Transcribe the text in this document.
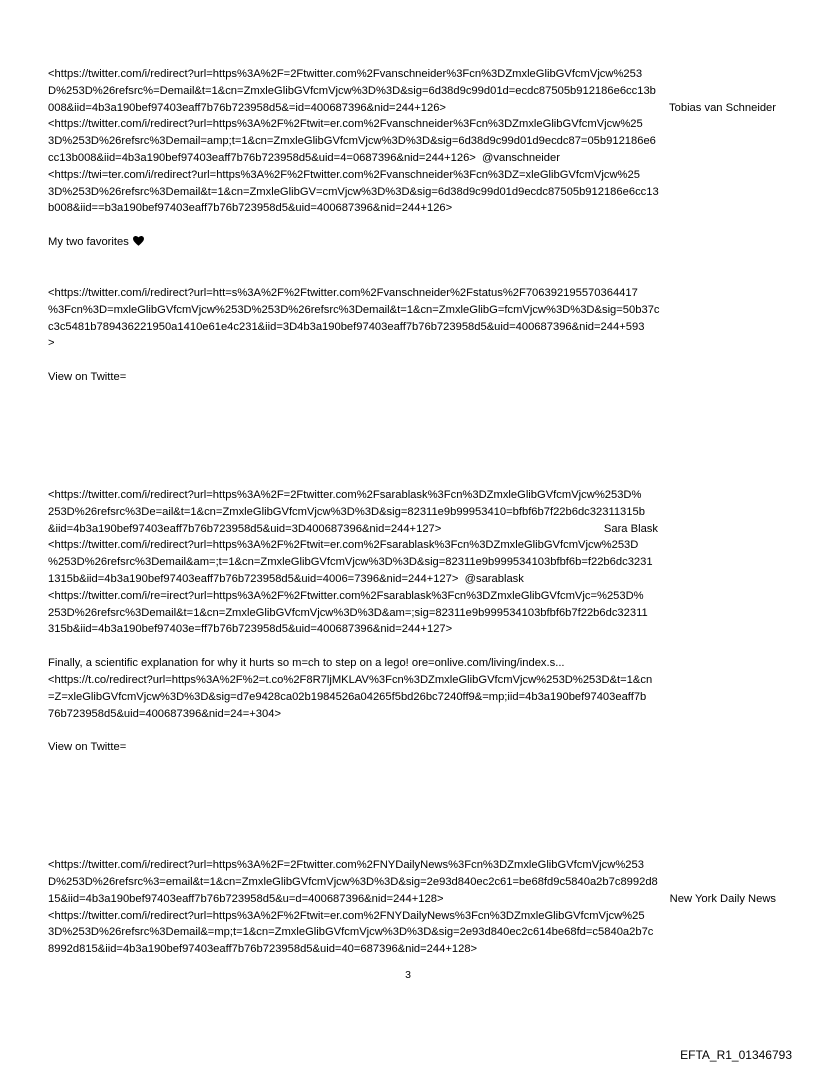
<https://twitter.com/i/redirect?url=https%3A%2F=2Ftwitter.com%2Fvanschneider%3Fcn%3DZmxleGlibGVfcmVjcw%253
D%253D%26refsrc%=Demail&t=1&cn=ZmxleGlibGVfcmVjcw%3D%3D&sig=6d38d9c99d01d=ecdc87505b912186e6cc13b
008&iid=4b3a190bef97403eaff7b76b723958d5&=id=400687396&nid=244+126>	Tobias van Schneider
<https://twitter.com/i/redirect?url=https%3A%2F%2Ftwit=er.com%2Fvanschneider%3Fcn%3DZmxleGlibGVfcmVjcw%25
3D%253D%26refsrc%3Demail=amp;t=1&cn=ZmxleGlibGVfcmVjcw%3D%3D&sig=6d38d9c99d01d9ecdc87=05b912186e6
cc13b008&iid=4b3a190bef97403eaff7b76b723958d5&uid=4=0687396&nid=244+126>  @vanschneider
<https://twi=ter.com/i/redirect?url=https%3A%2F%2Ftwitter.com%2Fvanschneider%3Fcn%3DZ=xleGlibGVfcmVjcw%25
3D%253D%26refsrc%3Demail&t=1&cn=ZmxleGlibGV=cmVjcw%3D%3D&sig=6d38d9c99d01d9ecdc87505b912186e6cc13
b008&iid==b3a190bef97403eaff7b76b723958d5&uid=400687396&nid=244+126>
My two favorites
<https://twitter.com/i/redirect?url=htt=s%3A%2F%2Ftwitter.com%2Fvanschneider%2Fstatus%2F706392195570364417
%3Fcn%3D=mxleGlibGVfcmVjcw%253D%253D%26refsrc%3Demail&t=1&cn=ZmxleGlibG=fcmVjcw%3D%3D&sig=50b37c
c3c5481b789436221950a1410e61e4c231&iid=3D4b3a190bef97403eaff7b76b723958d5&uid=400687396&nid=244+593
>
View on Twitte=
<https://twitter.com/i/redirect?url=https%3A%2F=2Ftwitter.com%2Fsarablask%3Fcn%3DZmxleGlibGVfcmVjcw%253D%
253D%26refsrc%3De=ail&t=1&cn=ZmxleGlibGVfcmVjcw%3D%3D&sig=82311e9b99953410=bfbf6b7f22b6dc32311315b
&iid=4b3a190bef97403eaff7b76b723958d5&uid=3D400687396&nid=244+127>	Sara Blask
<https://twitter.com/i/redirect?url=https%3A%2F%2Ftwit=er.com%2Fsarablask%3Fcn%3DZmxleGlibGVfcmVjcw%253D
%253D%26refsrc%3Demail&am=;t=1&cn=ZmxleGlibGVfcmVjcw%3D%3D&sig=82311e9b999534103bfbf6b=f22b6dc3231
1315b&iid=4b3a190bef97403eaff7b76b723958d5&uid=4006=7396&nid=244+127>  @sarablask
<https://twitter.com/i/re=irect?url=https%3A%2F%2Ftwitter.com%2Fsarablask%3Fcn%3DZmxleGlibGVfcmVjc=%253D%
253D%26refsrc%3Demail&t=1&cn=ZmxleGlibGVfcmVjcw%3D%3D&am=;sig=82311e9b999534103bfbf6b7f22b6dc32311
315b&iid=4b3a190bef97403e=ff7b76b723958d5&uid=400687396&nid=244+127>
Finally, a scientific explanation for why it hurts so m=ch to step on a lego! ore=onlive.com/living/index.s...
<https://t.co/redirect?url=https%3A%2F%2=t.co%2F8R7ljMKLAV%3Fcn%3DZmxleGlibGVfcmVjcw%253D%253D&t=1&cn
=Z=xleGlibGVfcmVjcw%3D%3D&sig=d7e9428ca02b1984526a04265f5bd26bc7240ff9&=mp;iid=4b3a190bef97403eaff7b
76b723958d5&uid=400687396&nid=24=+304>
View on Twitte=
<https://twitter.com/i/redirect?url=https%3A%2F=2Ftwitter.com%2FNYDailyNews%3Fcn%3DZmxleGlibGVfcmVjcw%253
D%253D%26refsrc%3=email&t=1&cn=ZmxleGlibGVfcmVjcw%3D%3D&sig=2e93d840ec2c61=be68fd9c5840a2b7c8992d8
15&iid=4b3a190bef97403eaff7b76b723958d5&u=d=400687396&nid=244+128>	New York Daily News
<https://twitter.com/i/redirect?url=https%3A%2F%2Ftwit=er.com%2FNYDailyNews%3Fcn%3DZmxleGlibGVfcmVjcw%25
3D%253D%26refsrc%3Demail&=mp;t=1&cn=ZmxleGlibGVfcmVjcw%3D%3D&sig=2e93d840ec2c614be68fd=c5840a2b7c
8992d815&iid=4b3a190bef97403eaff7b76b723958d5&uid=40=687396&nid=244+128>
3
EFTA_R1_01346793
